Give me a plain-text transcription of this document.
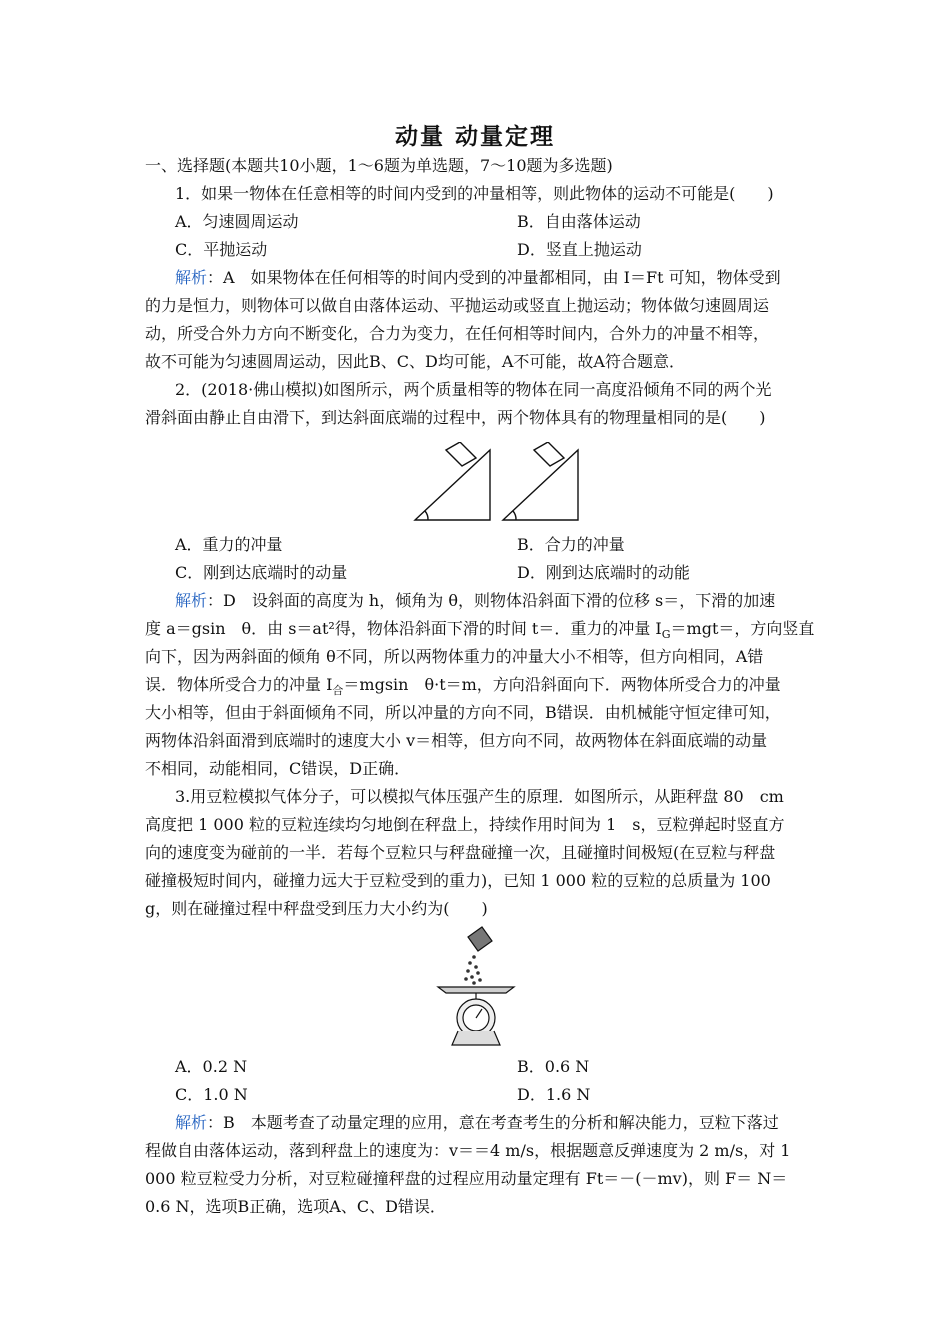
动量 动量定理
一、选择题(本题共10小题，1～6题为单选题，7～10题为多选题)
1．如果一物体在任意相等的时间内受到的冲量相等，则此物体的运动不可能是(　　)
A．匀速圆周运动	B．自由落体运动
C．平抛运动	D．竖直上抛运动
解析：A　如果物体在任何相等的时间内受到的冲量都相同，由 I＝Ft 可知，物体受到
的力是恒力，则物体可以做自由落体运动、平抛运动或竖直上抛运动；物体做匀速圆周运
动，所受合外力方向不断变化，合力为变力，在任何相等时间内，合外力的冲量不相等，
故不可能为匀速圆周运动，因此B、C、D均可能，A不可能，故A符合题意．
2．(2018·佛山模拟)如图所示，两个质量相等的物体在同一高度沿倾角不同的两个光
滑斜面由静止自由滑下，到达斜面底端的过程中，两个物体具有的物理量相同的是(　　)
A．重力的冲量	B．合力的冲量
C．刚到达底端时的动量	D．刚到达底端时的动能
解析：D　设斜面的高度为 h，倾角为 θ，则物体沿斜面下滑的位移 s＝，下滑的加速
度 a＝gsin　θ．由 s＝at²得，物体沿斜面下滑的时间 t＝．重力的冲量 $I_G=mgt=$，方向竖直
向下，因为两斜面的倾角 θ不同，所以两物体重力的冲量大小不相等，但方向相同，A错
误．物体所受合力的冲量 $I_合=mgsin$　θ·t＝m，方向沿斜面向下．两物体所受合力的冲量
大小相等，但由于斜面倾角不同，所以冲量的方向不同，B错误．由机械能守恒定律可知，
两物体沿斜面滑到底端时的速度大小 v＝相等，但方向不同，故两物体在斜面底端的动量
不相同，动能相同，C错误，D正确．
3.用豆粒模拟气体分子，可以模拟气体压强产生的原理．如图所示，从距秤盘 80　cm
高度把 1 000 粒的豆粒连续均匀地倒在秤盘上，持续作用时间为 1　s，豆粒弹起时竖直方
向的速度变为碰前的一半．若每个豆粒只与秤盘碰撞一次，且碰撞时间极短(在豆粒与秤盘
碰撞极短时间内，碰撞力远大于豆粒受到的重力)，已知 1 000 粒的豆粒的总质量为 100
g，则在碰撞过程中秤盘受到压力大小约为(　　)
A．0.2 N	B．0.6 N
C．1.0 N	D．1.6 N
解析：B　本题考查了动量定理的应用，意在考查考生的分析和解决能力，豆粒下落过
程做自由落体运动，落到秤盘上的速度为：v＝＝4 m/s，根据题意反弹速度为 2 m/s，对 1
000 粒豆粒受力分析，对豆粒碰撞秤盘的过程应用动量定理有 Ft＝－(－mv)，则 F＝ N＝
0.6 N，选项B正确，选项A、C、D错误．
